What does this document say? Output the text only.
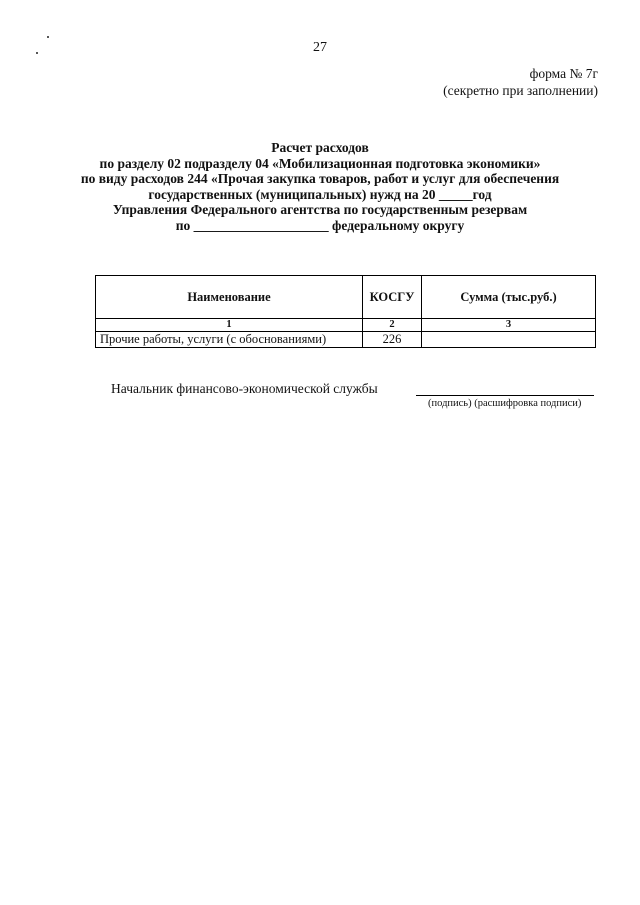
27
форма № 7г
(секретно при заполнении)
Расчет расходов
по разделу 02 подразделу 04 «Мобилизационная подготовка экономики»
по виду расходов 244 «Прочая закупка товаров, работ и услуг для обеспечения
государственных (муниципальных) нужд на 20 _____год
Управления Федерального агентства по государственным резервам
по ____________________ федеральному округу
Наименование	КОСГУ	Сумма (тыс.руб.)
1	2	3
Прочие работы, услуги (с обоснованиями)	226	
Начальник финансово-экономической службы
(подпись) (расшифровка подписи)
